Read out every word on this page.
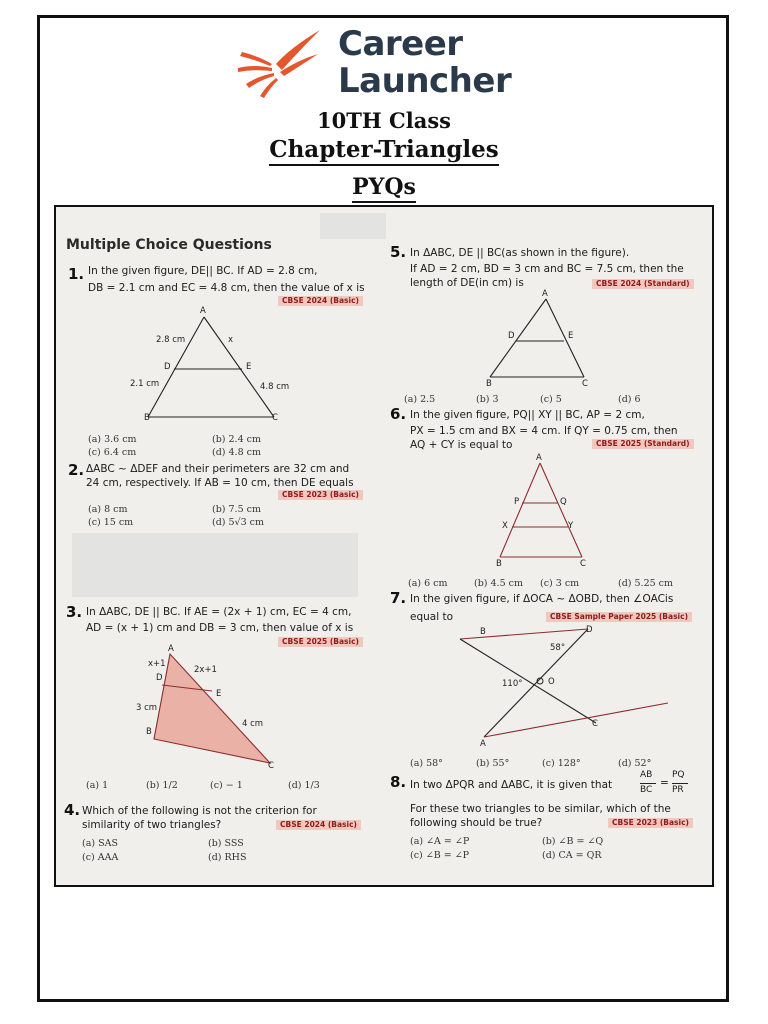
Career
Launcher
10TH Class
Chapter-Triangles
PYQs
Multiple Choice Questions
1. In the given figure, DE|| BC. If AD = 2.8 cm,
DB = 2.1 cm and EC = 4.8 cm, then the value of x is
CBSE 2024 (Basic)
A
2.8 cm	x
D	E
2.1 cm	4.8 cm
B	C
(a) 3.6 cm	(b) 2.4 cm
(c) 6.4 cm	(d) 4.8 cm
2. ΔABC ~ ΔDEF and their perimeters are 32 cm and
24 cm, respectively. If AB = 10 cm, then DE equals
CBSE 2023 (Basic)
(a) 8 cm	(b) 7.5 cm
(c) 15 cm	(d) 5√3 cm
3. In ΔABC, DE || BC. If AE = (2x + 1) cm, EC = 4 cm,
AD = (x + 1) cm and DB = 3 cm, then value of x is
CBSE 2025 (Basic)
A
x+1
2x+1
D
E
3 cm
4 cm
B
C
(a) 1	(b) 1/2	(c) − 1	(d) 1/3
4. Which of the following is not the criterion for
similarity of two triangles?	CBSE 2024 (Basic)
(a) SAS	(b) SSS
(c) AAA	(d) RHS
5. In ΔABC, DE || BC(as shown in the figure).
If AD = 2 cm, BD = 3 cm and BC = 7.5 cm, then the
length of DE(in cm) is	CBSE 2024 (Standard)
A
D	E
B	C
(a) 2.5	(b) 3	(c) 5	(d) 6
6. In the given figure, PQ|| XY || BC, AP = 2 cm,
PX = 1.5 cm and BX = 4 cm. If QY = 0.75 cm, then
AQ + CY is equal to	CBSE 2025 (Standard)
A
P	Q
X	Y
B	C
(a) 6 cm	(b) 4.5 cm (c) 3 cm	(d) 5.25 cm
7. In the given figure, if ΔOCA ~ ΔOBD, then ∠OACis
equal to	CBSE Sample Paper 2025 (Basic)
B	D
58°
110°	O
C
A
(a) 58°	(b) 55°	(c) 128°	(d) 52°
8. In two ΔPQR and ΔABC, it is given that
AB
BC
=
PQ
PR
For these two triangles to be similar, which of the
following should be true?	CBSE 2023 (Basic)
(a) ∠A = ∠P	(b) ∠B = ∠Q
(c) ∠B = ∠P	(d) CA = QR
